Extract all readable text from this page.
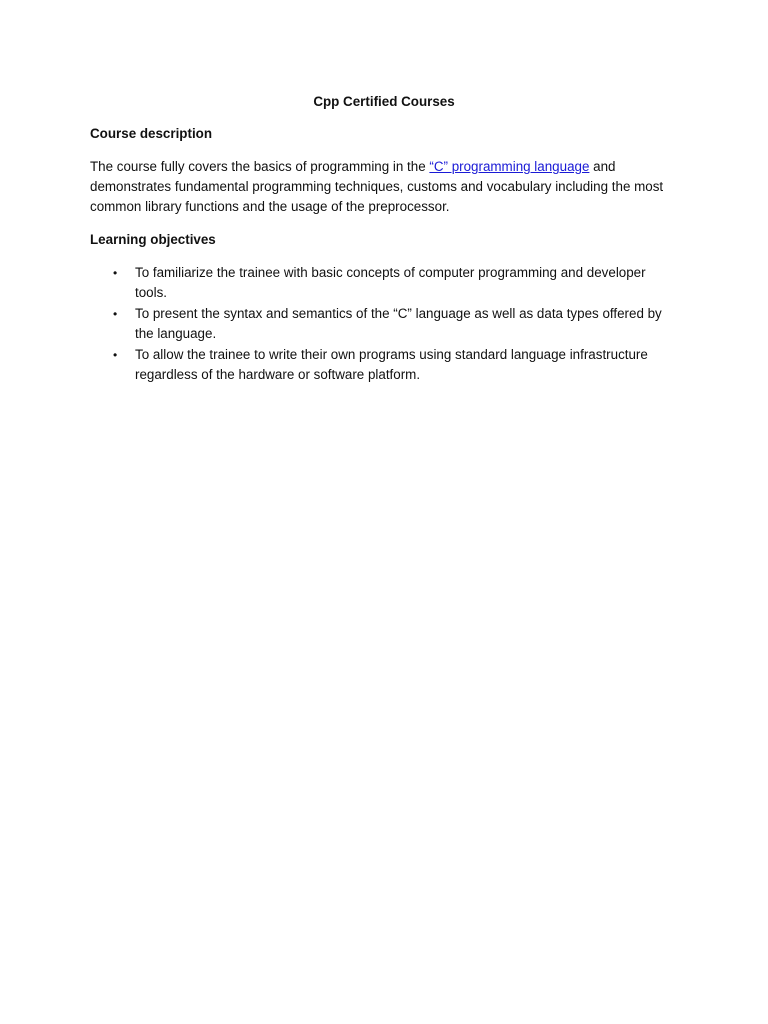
Cpp Certified Courses
Course description

The course fully covers the basics of programming in the “C” programming language and demonstrates fundamental programming techniques, customs and vocabulary including the most common library functions and the usage of the preprocessor.

Learning objectives
• To familiarize the trainee with basic concepts of computer programming and developer tools.
• To present the syntax and semantics of the “C” language as well as data types offered by the language.
• To allow the trainee to write their own programs using standard language infrastructure regardless of the hardware or software platform.
